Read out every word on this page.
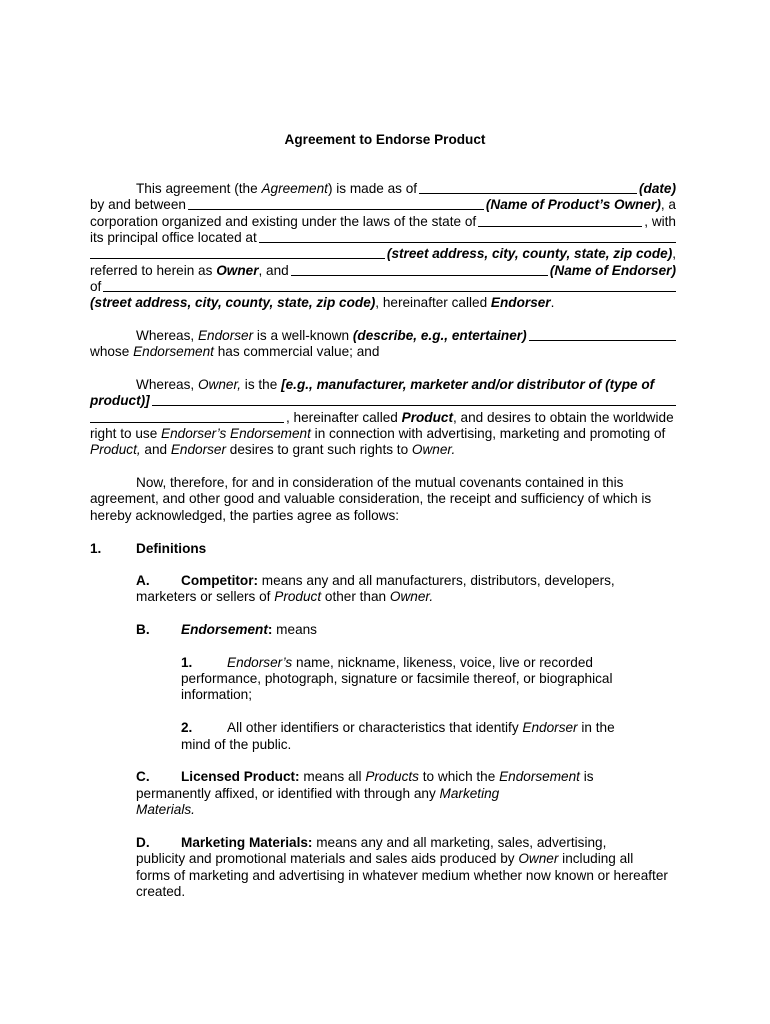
Agreement to Endorse Product
This agreement (the Agreement) is made as of	(date)
by and between	(Name of Product’s Owner), a
corporation organized and existing under the laws of the state of	, with
its principal office located at
(street address, city, county, state, zip code),
referred to herein as Owner, and	(Name of Endorser)
of
(street address, city, county, state, zip code), hereinafter called Endorser.
Whereas, Endorser is a well-known (describe, e.g., entertainer)
whose Endorsement has commercial value; and
Whereas, Owner, is the [e.g., manufacturer, marketer and/or distributor of (type of
product)]
, hereinafter called Product, and desires to obtain the worldwide
right to use Endorser’s Endorsement in connection with advertising, marketing and promoting of
Product, and Endorser desires to grant such rights to Owner.
Now, therefore, for and in consideration of the mutual covenants contained in this
agreement, and other good and valuable consideration, the receipt and sufficiency of which is
hereby acknowledged, the parties agree as follows:
1.	Definitions
A. Competitor: means any and all manufacturers, distributors, developers,
marketers or sellers of Product other than Owner.
B. Endorsement: means
1.	Endorser’s name, nickname, likeness, voice, live or recorded
performance, photograph, signature or facsimile thereof, or biographical
information;
2.	All other identifiers or characteristics that identify Endorser in the
mind of the public.
C. Licensed Product: means all Products to which the Endorsement is
permanently affixed, or identified with through any Marketing
Materials.
D. Marketing Materials: means any and all marketing, sales, advertising,
publicity and promotional materials and sales aids produced by Owner including all
forms of marketing and advertising in whatever medium whether now known or hereafter
created.
